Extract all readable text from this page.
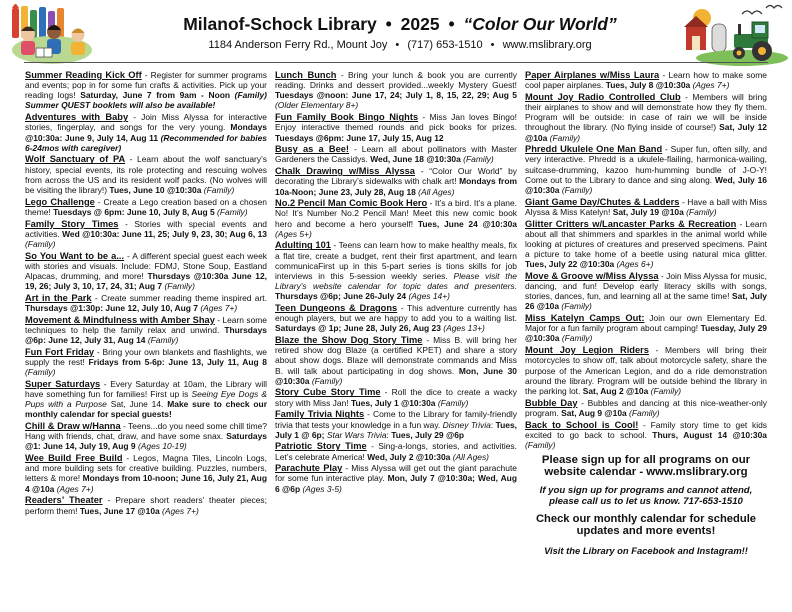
Milanof-Schock Library • 2025 • “Color Our World”
1184 Anderson Ferry Rd., Mount Joy • (717) 653-1510 • www.mslibrary.org
Summer Reading Kick Off - Register for summer programs and events; pop in for some fun crafts & activities. Pick up your reading logs! Saturday, June 7 from 9am - Noon (Family) Summer QUEST booklets will also be available!
Adventures with Baby - Join Miss Alyssa for interactive stories, fingerplay, and songs for the very young. Mondays @10:30a: June 9, July 14, Aug 11 (Recommended for babies 6-24mos with caregiver)
Wolf Sanctuary of PA - Learn about the wolf sanctuary’s history, special events, its role protecting and rescuing wolves from across the US and its resident wolf packs. (No wolves will be visiting the library!) Tues, June 10 @10:30a (Family)
Lego Challenge - Create a Lego creation based on a chosen theme! Tuesdays @ 6pm: June 10, July 8, Aug 5 (Family)
Family Story Times - Stories with special events and activities. Wed @10:30a: June 11, 25; July 9, 23, 30; Aug 6, 13 (Family)
So You Want to be a... - A different special guest each week with stories and visuals. Include: FDMJ, Stone Soup, Eastland Alpacas, drumming, and more! Thursdays @10:30a June 12, 19, 26; July 3, 10, 17, 24, 31; Aug 7 (Family)
Art in the Park - Create summer reading theme inspired art. Thursdays @1:30p: June 12, July 10, Aug 7 (Ages 7+)
Movement & Mindfulness with Amber Shay - Learn some techniques to help the family relax and unwind. Thursdays @6p: June 12, July 31, Aug 14 (Family)
Fun Fort Friday - Bring your own blankets and flashlights, we supply the rest! Fridays from 5-6p: June 13, July 11, Aug 8 (Family)
Super Saturdays - Every Saturday at 10am, the Library will have something fun for families! First up is Seeing Eye Dogs & Pups with a Purpose Sat, June 14. Make sure to check our monthly calendar for special guests!
Chill & Draw w/Hanna - Teens...do you need some chill time? Hang with friends, chat, draw, and have some snax. Saturdays @1: June 14, July 19, Aug 9 (Ages 10-19)
Wee Build Free Build - Legos, Magna Tiles, Lincoln Logs, and more building sets for creative building. Puzzles, numbers, letters & more! Mondays from 10-noon; June 16, July 21, Aug 4 @10a (Ages 7+)
Readers’ Theater - Prepare short readers’ theater pieces; perform them! Tues, June 17 @10a (Ages 7+)
Lunch Bunch - Bring your lunch & book you are currently reading. Drinks and dessert provided...weekly Mystery Guest! Tuesdays @noon: June 17, 24; July 1, 8, 15, 22, 29; Aug 5 (Older Elementary 8+)
Fun Family Book Bingo Nights - Miss Jan loves Bingo! Enjoy interactive themed rounds and pick books for prizes. Tuesdays @6pm: June 17, July 15, Aug 12
Busy as a Bee! - Learn all about pollinators with Master Gardeners the Cassidys. Wed, June 18 @10:30a (Family)
Chalk Drawing w/Miss Alyssa - “Color Our World” by decorating the Library’s sidewalks with chalk art! Mondays from 10a-Noon; June 23, July 28, Aug 18 (All Ages)
No.2 Pencil Man Comic Book Hero - It’s a bird. It’s a plane. No! It’s Number No.2 Pencil Man! Meet this new comic book hero and become a hero yourself! Tues, June 24 @10:30a (Ages 5+)
Adulting 101 - Teens can learn how to make healthy meals, fix a flat tire, create a budget, rent their first apartment, and learn communicaFirst up in this 5-part series is tions skills for job interviews in this 5-session weekly series. Please visit the Library's website calendar for topic dates and presenters. Thursdays @6p; June 26-July 24 (Ages 14+)
Teen Dungeons & Dragons - This adventure currently has enough players, but we are happy to add you to a waiting list. Saturdays @ 1p; June 28, July 26, Aug 23 (Ages 13+)
Blaze the Show Dog Story Time - Miss B. will bring her retired show dog Blaze (a certified KPET) and share a story about show dogs. Blaze will demonstrate commands and Miss B. will talk about participating in dog shows. Mon, June 30 @10:30a (Family)
Story Cube Story Time - Roll the dice to create a wacky story with Miss Jan! Tues, July 1 @10:30a (Family)
Family Trivia Nights - Come to the Library for family-friendly trivia that tests your knowledge in a fun way. Disney Trivia: Tues, July 1 @ 6p; Star Wars Trivia: Tues, July 29 @6p
Patriotic Story Time - Sing-a-longs, stories, and activities. Let’s celebrate America! Wed, July 2 @10:30a (All Ages)
Parachute Play - Miss Alyssa will get out the giant parachute for some fun interactive play. Mon, July 7 @10:30a; Wed, Aug 6 @6p (Ages 3-5)
Paper Airplanes w/Miss Laura - Learn how to make some cool paper airplanes. Tues, July 8 @10:30a (Ages 7+)
Mount Joy Radio Controlled Club - Members will bring their airplanes to show and will demonstrate how they fly them. Program will be outside: in case of rain we will be inside throughout the library. (No flying inside of course!) Sat, July 12 @10a (Family)
Phredd Ukulele One Man Band - Super fun, often silly, and very interactive. Phredd is a ukulele-flailing, harmonica-wailing, suitcase-drumming, kazoo hum-humming bundle of J-O-Y! Come out to the Library to dance and sing along. Wed, July 16 @10:30a (Family)
Giant Game Day/Chutes & Ladders - Have a ball with Miss Alyssa & Miss Katelyn! Sat, July 19 @10a (Family)
Glitter Critters w/Lancaster Parks & Recreation - Learn about all that shimmers and sparkles in the animal world while looking at pictures of creatures and preserved specimens. Paint a picture to take home of a beetle using natural mica glitter. Tues, July 22 @10:30a (Ages 6+)
Move & Groove w/Miss Alyssa - Join Miss Alyssa for music, dancing, and fun! Develop early literacy skills with songs, stories, dances, fun, and learning all at the same time! Sat, July 26 @10a (Family)
Miss Katelyn Camps Out: Join our own Elementary Ed. Major for a fun family program about camping! Tuesday, July 29 @10:30a (Family)
Mount Joy Legion Riders - Members will bring their motorcycles to show off, talk about motorcycle safety, share the purpose of the American Legion, and do a ride demonstration around the library. Program will be outside behind the library in the parking lot. Sat, Aug 2 @10a (Family)
Bubble Day - Bubbles and dancing at this nice-weather-only program. Sat, Aug 9 @10a (Family)
Back to School is Cool! - Family story time to get kids excited to go back to school. Thurs, August 14 @10:30a (Family)
Please sign up for all programs on our website calendar - www.mslibrary.org
If you sign up for programs and cannot attend, please call us to let us know. 717-653-1510
Check our monthly calendar for schedule updates and more events!
Visit the Library on Facebook and Instagram!!
